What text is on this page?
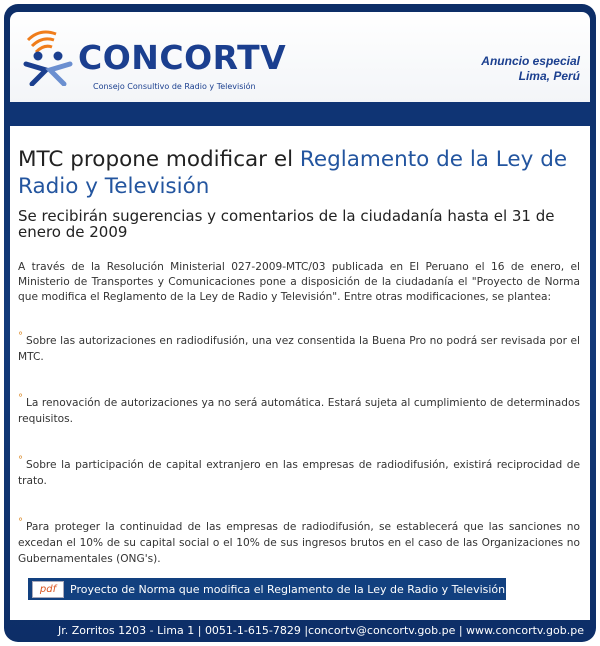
CONCORTV
Consejo Consultivo de Radio y Televisión
Anuncio especial
Lima, Perú
MTC propone modificar el Reglamento de la Ley de Radio y Televisión
Se recibirán sugerencias y comentarios de la ciudadanía hasta el 31 de enero de 2009
A través de la Resolución Ministerial 027-2009-MTC/03 publicada en El Peruano el 16 de enero, el Ministerio de Transportes y Comunicaciones pone a disposición de la ciudadanía el "Proyecto de Norma que modifica el Reglamento de la Ley de Radio y Televisión". Entre otras modificaciones, se plantea:
° Sobre las autorizaciones en radiodifusión, una vez consentida la Buena Pro no podrá ser revisada por el MTC.
° La renovación de autorizaciones ya no será automática. Estará sujeta al cumplimiento de determinados requisitos.
° Sobre la participación de capital extranjero en las empresas de radiodifusión, existirá reciprocidad de trato.
° Para proteger la continuidad de las empresas de radiodifusión, se establecerá que las sanciones no excedan el 10% de su capital social o el 10% de sus ingresos brutos en el caso de las Organizaciones no Gubernamentales (ONG's).
pdf	Proyecto de Norma que modifica el Reglamento de la Ley de Radio y Televisión
Jr. Zorritos 1203 - Lima 1 | 0051-1-615-7829 |concortv@concortv.gob.pe | www.concortv.gob.pe
